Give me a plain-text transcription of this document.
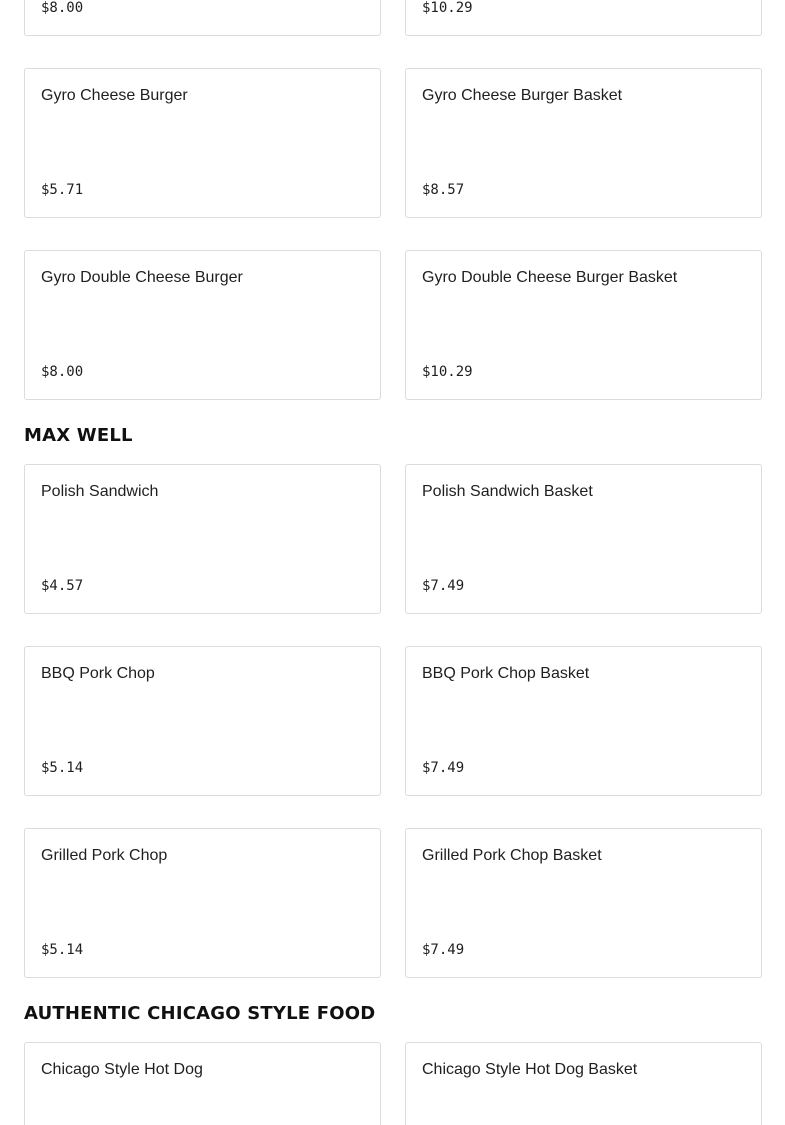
$8.00	$10.29
Gyro Cheese Burger
$5.71
Gyro Cheese Burger Basket
$8.57
Gyro Double Cheese Burger
$8.00
Gyro Double Cheese Burger Basket
$10.29
MAX WELL
Polish Sandwich
$4.57
Polish Sandwich Basket
$7.49
BBQ Pork Chop
$5.14
BBQ Pork Chop Basket
$7.49
Grilled Pork Chop
$5.14
Grilled Pork Chop Basket
$7.49
AUTHENTIC CHICAGO STYLE FOOD
Chicago Style Hot Dog	Chicago Style Hot Dog Basket
